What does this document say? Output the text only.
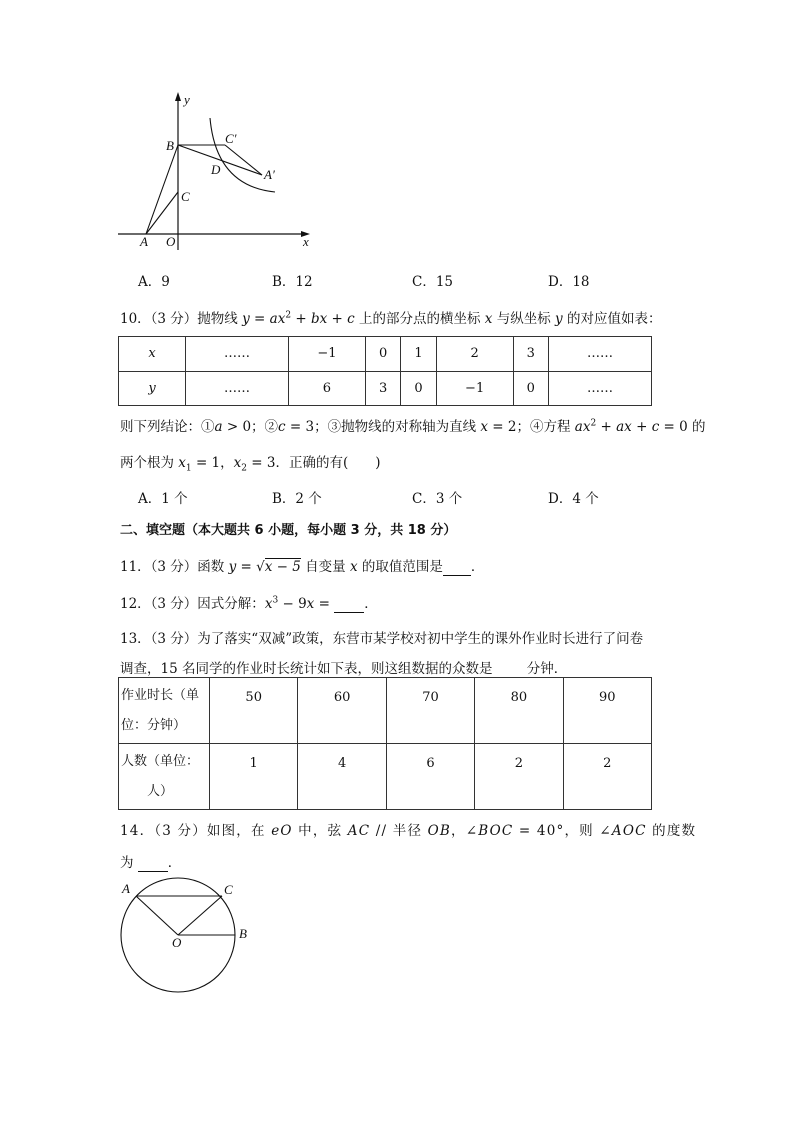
y
x
B	C′
D	A′
C
A O
A．9	B．12	C．15	D．18
10．（3 分）抛物线 $y = ax^2$ + bx + c 上的部分点的横坐标 x 与纵坐标 y 的对应值如表：
x	……	−1	0	1	2	3	……
y	……	6	3	0	−1	0	……
则下列结论：①a > 0；②c = 3；③抛物线的对称轴为直线 x = 2；④方程 $ax^2$ + ax + c = 0 的
两个根为 $x_1 = 1$，$x_2 = 3$．正确的有(　　)
A．1 个	B．2 个	C．3 个	D．4 个
二、填空题（本大题共 6 小题，每小题 3 分，共 18 分）
11．（3 分）函数 y = √x − 5 自变量 x 的取值范围是 ．
12．（3 分）因式分解：$x^3 - 9x$ =  ．
13．（3 分）为了落实“双减”政策，东营市某学校对初中学生的课外作业时长进行了问卷
调查，15 名同学的作业时长统计如下表，则这组数据的众数是  分钟．
作业时长（单
位：分钟）	50	60	70	80	90
人数（单位：
人）	1	4	6	2	2
14．（3 分）如图，在 eO 中，弦 AC // 半径 OB，∠BOC = 40°，则 ∠AOC 的度数
为  ．
A	C
O
B
